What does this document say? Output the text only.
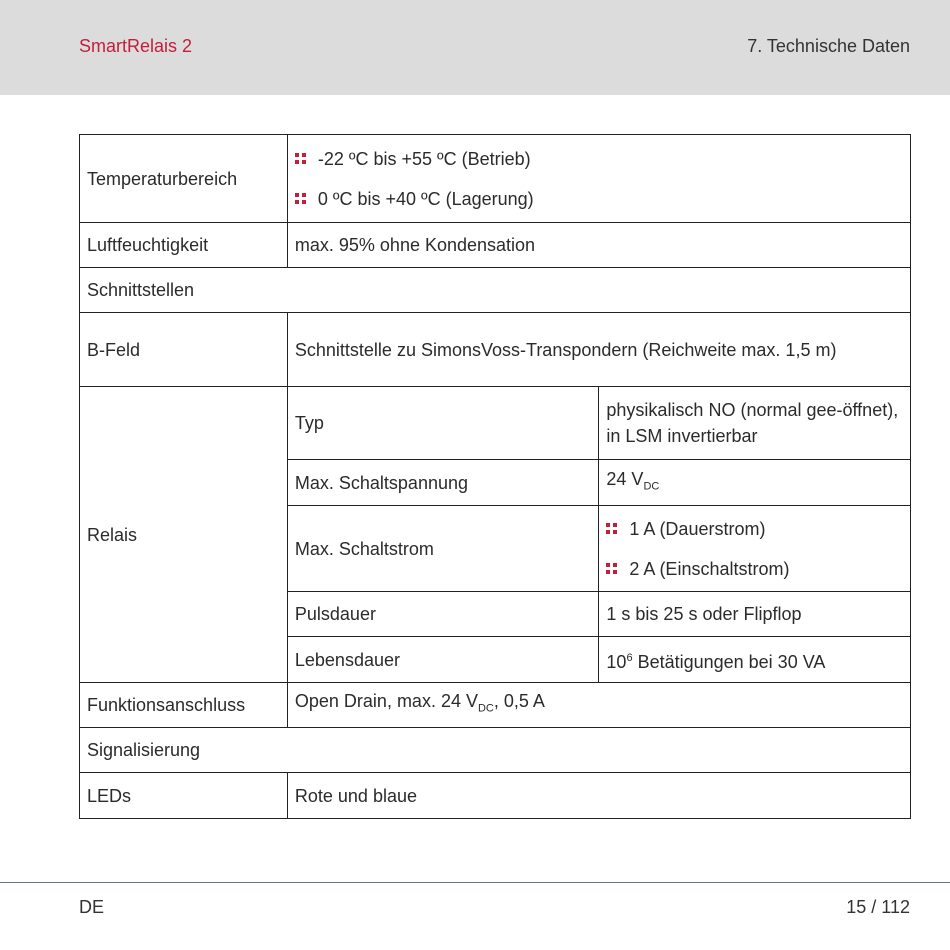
SmartRelais 2	7. Technische Daten
Temperaturbereich	-22 ºC bis +55 ºC (Betrieb)
0 ºC bis +40 ºC (Lagerung)	

Luftfeuchtigkeit	max. 95% ohne Kondensation	
Schnittstellen		
B-Feld	Schnittstelle zu SimonsVoss-Transpondern (Reichweite max. 1,5 m)	
Relais	Typ	physikalisch NO (normal gee-öffnet), in LSM invertierbar
	Max. Schaltspannung	24 $V_{DC}$
	Max. Schaltstrom	1 A (Dauerstrom)
2 A (Einschaltstrom)

	Pulsdauer	1 s bis 25 s oder Flipflop
	Lebensdauer	$10^6$ Betätigungen bei 30 VA
Funktionsanschluss	Open Drain, max. 24 $V_{DC}$, 0,5 A	
Signalisierung		
LEDs	Rote und blaue	
DE	15 / 112
